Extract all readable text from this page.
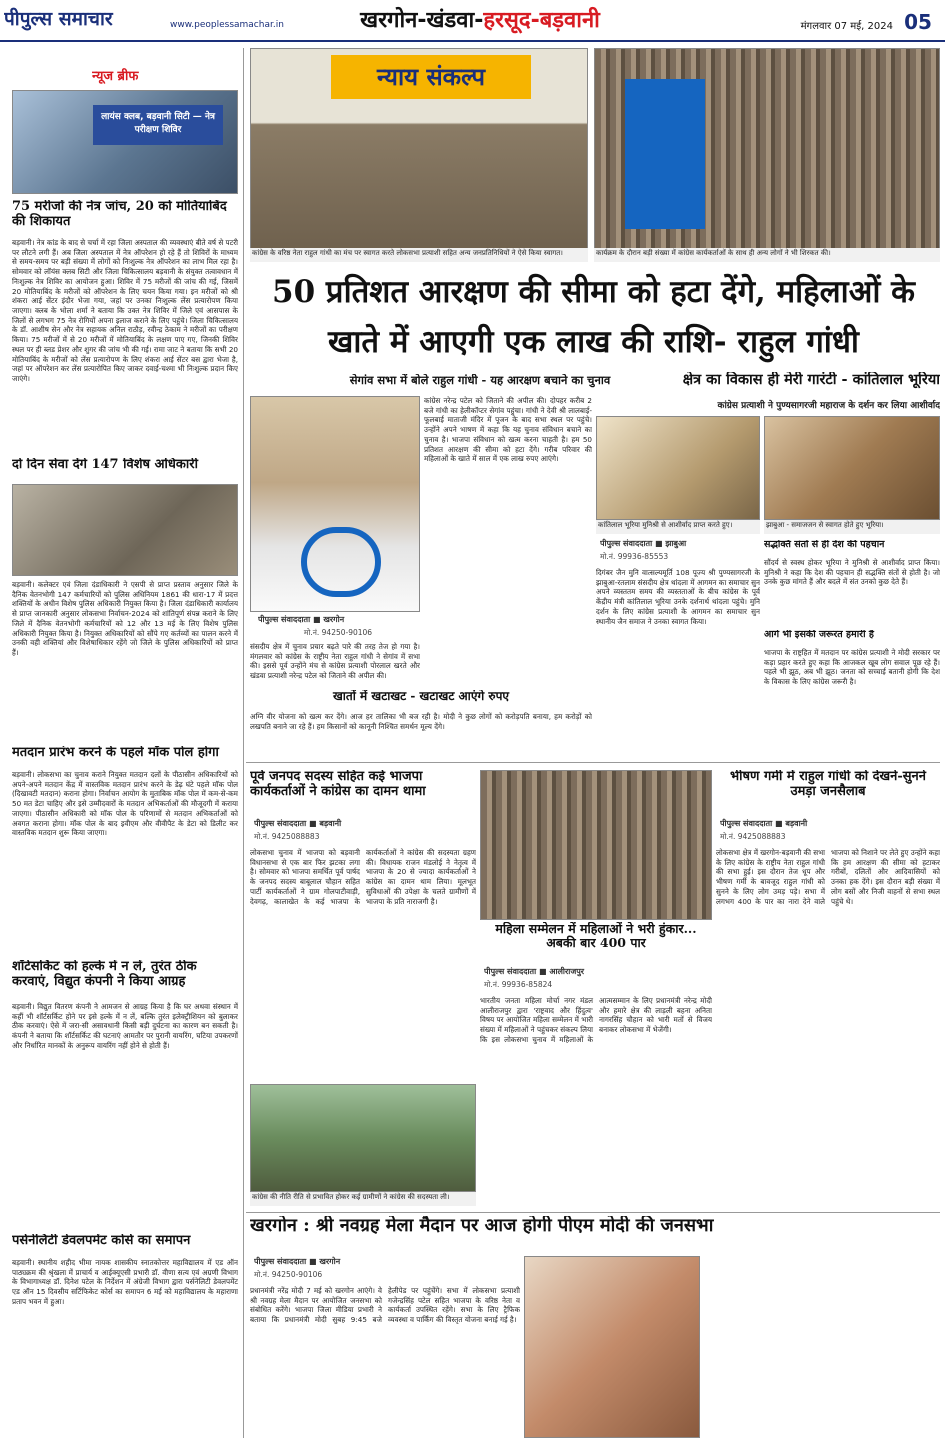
पीपुल्स समाचार	www.peoplessamachar.in	खरगोन-खंडवा-हरसूद-बड़वानी	मंगलवार 07 मई, 2024 05
न्यूज ब्रीफ
लायंस क्लब, बड़वानी सिटी — नेत्र परीक्षण शिविर
75 मरीजों की नेत्र जांच, 20 को मोतियाबिंद की शिकायत
बड़वानी। नेत्र कांड के बाद से चर्चा में रहा जिला अस्पताल की व्यवस्थाएं बीते वर्ष से पटरी पर लौटने लगी हैं। अब जिला अस्पताल में नेत्र ऑपरेशन हो रहे हैं तो शिविरों के माध्यम से समय-समय पर बड़ी संख्या में लोगों को निःशुल्क नेत्र ऑपरेशन का लाभ मिल रहा है। सोमवार को लॉयंस क्लब सिटी और जिला चिकित्सालय बड़वानी के संयुक्त तत्वावधान में निःशुल्क नेत्र शिविर का आयोजन हुआ। शिविर में 75 मरीजों की जांच की गई, जिसमें 20 मोतियाबिंद के मरीजों को ऑपरेशन के लिए चयन किया गया। इन मरीजों को श्री शंकरा आई सेंटर इंदौर भेजा गया, जहां पर उनका निःशुल्क लेंस प्रत्यारोपण किया जाएगा। क्लब के भोला शर्मा ने बताया कि उक्त नेत्र शिविर में जिले एवं आसपास के जिलों से लगभग 75 नेत्र रोगियों अपना इलाज कराने के लिए पहुंचे। जिला चिकित्सालय के डॉ. आशीष सेन और नेत्र सहायक अनिल राठौड़, रवीन्द्र ठेकाम ने मरीजों का परीक्षण किया। 75 मरीजों में से 20 मरीजों में मोतियाबिंद के लक्षण पाए गए, जिनकी शिविर स्थल पर ही ब्लड प्रेशर और शुगर की जांच भी की गई। रामा जाट ने बताया कि सभी 20 मोतियाबिंद के मरीजों को लेंस प्रत्यारोपण के लिए शंकरा आई सेंटर बस द्वारा भेजा है, जहां पर ऑपरेशन कर लेंस प्रत्यारोपित किए जाकर दवाई-चश्मा भी निःशुल्क प्रदान किए जाएंगे।
दो दिन सेवा देंगे 147 विशेष अधिकारी
बड़वानी। कलेक्टर एवं जिला दंडाधिकारी ने एसपी से प्राप्त प्रस्ताव अनुसार जिले के दैनिक वेतनभोगी 147 कर्मचारियों को पुलिस अधिनियम 1861 की धारा-17 में प्रदत्त शक्तियों के अधीन विशेष पुलिस अधिकारी नियुक्त किया है। जिला दंडाधिकारी कार्यालय से प्राप्त जानकारी अनुसार लोकसभा निर्वाचन-2024 को शांतिपूर्ण संपन्न कराने के लिए जिले में दैनिक वेतनभोगी कर्मचारियों को 12 और 13 मई के लिए विशेष पुलिस अधिकारी नियुक्त किया है। नियुक्त अधिकारियों को सौंपे गए कर्तव्यों का पालन करने में उनकी वही शक्तियां और विशेषाधिकार रहेंगे जो जिले के पुलिस अधिकारियों को प्राप्त हैं।
मतदान प्रारंभ करने के पहले मॉक पोल होगा
बड़वानी। लोकसभा का चुनाव कराने नियुक्त मतदान दलों के पीठासीन अधिकारियों को अपने-अपने मतदान केंद्र में वास्तविक मतदान प्रारंभ करने के डेढ़ घंटे पहले मॉक पोल (दिखावटी मतदान) कराना होगा। निर्वाचन आयोग के मुताबिक मॉक पोल में कम-से-कम 50 मत डेटा चाहिए और इसे उम्मीदवारों के मतदान अभिकर्ताओं की मौजूदगी में कराया जाएगा। पीठासीन अधिकारी को मॉक पोल के परिणामों से मतदान अभिकर्ताओं को अवगत कराना होगा। मॉक पोल के बाद इवीएम और वीवीपैट के डेटा को डिलीट कर वास्तविक मतदान शुरू किया जाएगा।
शॉर्टसर्किट को हल्के में न लें, तुरंत ठीक करवाएं, विद्युत कंपनी ने किया आग्रह
बड़वानी। विद्युत वितरण कंपनी ने आमजन से आग्रह किया है कि घर अथवा संस्थान में कहीं भी शॉर्टसर्किट होने पर इसे हल्के में न लें, बल्कि तुरंत इलेक्ट्रीशियन को बुलाकर ठीक करवाएं। ऐसे में जरा-सी असावधानी किसी बड़ी दुर्घटना का कारण बन सकती है। कंपनी ने बताया कि शॉर्टसर्किट की घटनाएं आमतौर पर पुरानी वायरिंग, घटिया उपकरणों और निर्धारित मानकों के अनुरूप वायरिंग नहीं होने से होती हैं।
पर्सनेलिटी डेवलपमेंट कोर्स का समापन
बड़वानी। स्थानीय शहीद भीमा नायक शासकीय स्नातकोत्तर महाविद्यालय में एड ऑन पाठ्यक्रम की श्रृंखला में प्राचार्य व आईक्यूएसी प्रभारी डॉ. वीणा सत्य एवं अग्रणी विभाग के विभागाध्यक्ष डॉ. दिनेश पटेल के निर्देशन में अंग्रेजी विभाग द्वारा पर्सनेलिटी डेवलपमेंट एड ऑन 15 दिवसीय सर्टिफिकेट कोर्स का समापन 6 मई को महाविद्यालय के महाराणा प्रताप भवन में हुआ।
न्याय संकल्प
कांग्रेस के वरिष्ठ नेता राहुल गांधी का मंच पर स्वागत करते लोकसभा प्रत्याशी सहित अन्य जनप्रतिनिधियों ने ऐसे किया स्वागत।	कार्यक्रम के दौरान बड़ी संख्या में कांग्रेस कार्यकर्ताओं के साथ ही अन्य लोगों ने भी शिरकत की।
50 प्रतिशत आरक्षण की सीमा को हटा देंगे, महिलाओं के खाते में आएगी एक लाख की राशि- राहुल गांधी
सेगांव सभा में बोले राहुल गांधी - यह आरक्षण बचाने का चुनाव
पीपुल्स संवाददाता ■ खरगोन
मो.नं. 94250-90106
संसदीय क्षेत्र में चुनाव प्रचार बढ़ते पारे की तरह तेज हो गया है। मंगलवार को कांग्रेस के राष्ट्रीय नेता राहुल गांधी ने सेगांव में सभा की। इससे पूर्व उन्होंने मंच से कांग्रेस प्रत्याशी पोरलाल खरते और खंडवा प्रत्याशी नरेन्द्र पटेल को जिताने की अपील की।
कांग्रेस नरेन्द्र पटेल को जिताने की अपील की। दोपहर करीब 2 बजे गांधी का हेलीकॉप्टर सेगांव पहुंचा। गांधी ने देवी श्री लालबाई-फूलबाई माताजी मंदिर में पूजन के बाद सभा स्थल पर पहुंचे। उन्होंने अपने भाषण में कहा कि यह चुनाव संविधान बचाने का चुनाव है। भाजपा संविधान को खत्म करना चाहती है। हम 50 प्रतिशत आरक्षण की सीमा को हटा देंगे। गरीब परिवार की महिलाओं के खाते में साल में एक लाख रुपए आएंगे।
खातों में खटाखट - खटाखट आएंगे रुपए
अग्नि वीर योजना को खत्म कर देंगे। आज हर तालिका भी बज रही है। मोदी ने कुछ लोगों को करोड़पति बनाया, हम करोड़ों को लखपति बनाने जा रहे हैं। हम किसानों को कानूनी निश्चित समर्थन मूल्य देंगे।
क्षेत्र का विकास ही मेरी गारंटी - कांतिलाल भूरिया
कांग्रेस प्रत्याशी ने पुण्यसागरजी महाराज के दर्शन कर लिया आशीर्वाद
कांतिलाल भूरिया मुनिश्री से आशीर्वाद प्राप्त करते हुए।	झाबुआ - समाजजन से स्वागत होते हुए भूरिया।
पीपुल्स संवाददाता ■ झाबुआ
मो.नं. 99936-85553
सद्भक्ति संतों से ही देश की पहचान
दिगंबर जैन मुनि वात्सल्यमूर्ति 108 पूज्य श्री पुण्यसागरजी के झाबुआ-रतलाम संसदीय क्षेत्र थांदला में आगमन का समाचार सुन अपने व्यस्ततम समय की व्यस्तताओं के बीच कांग्रेस के पूर्व केंद्रीय मंत्री कांतिलाल भूरिया उनके दर्शनार्थ थांदला पहुंचे। मुनि दर्शन के लिए कांग्रेस प्रत्याशी के आगमन का समाचार सुन स्थानीय जैन समाज ने उनका स्वागत किया।
सौंदर्य से स्वस्थ होकर भूरिया ने मुनिश्री से आशीर्वाद प्राप्त किया। मुनिश्री ने कहा कि देश की पहचान ही सद्भक्ति संतों से होती है। जो उनके कुछ मांगते हैं और बदले में संत उनको कुछ देते हैं।
आगे भी इसकी जरूरत हमारी है
भाजपा के राष्ट्रहित में मतदान पर कांग्रेस प्रत्याशी ने मोदी सरकार पर कड़ा प्रहार करते हुए कहा कि आजकल खूब लोग सवाल पूछ रहे हैं। पहले भी झूठ, अब भी झूठ। जनता को सच्चाई बतानी होगी कि देश के विकास के लिए कांग्रेस जरूरी है।
पूर्व जनपद सदस्य सहित कई भाजपा कार्यकर्ताओं ने कांग्रेस का दामन थामा
पीपुल्स संवाददाता ■ बड़वानी
मो.नं. 9425088883
लोकसभा चुनाव में भाजपा को बड़वानी विधानसभा से एक बार फिर झटका लगा है। सोमवार को भाजपा समर्थित पूर्व पार्षद के जनपद सदस्य बाबूलाल चौहान सहित पार्टी कार्यकर्ताओं ने ग्राम गोलपाटीवाड़ी, देवगढ़, कालाखेत के कई भाजपा के कार्यकर्ताओं ने कांग्रेस की सदस्यता ग्रहण की। विधायक राजन मंडलोई ने नेतृत्व में भाजपा के 20 से ज्यादा कार्यकर्ताओं ने कांग्रेस का दामन थाम लिया। मूलभूत सुविधाओं की उपेक्षा के चलते ग्रामीणों में भाजपा के प्रति नाराजगी है।
कांग्रेस की नीति रीति से प्रभावित होकर कई ग्रामीणों ने कांग्रेस की सदस्यता ली।
महिला सम्मेलन में महिलाओं ने भरी हुंकार... अबकी बार 400 पार
पीपुल्स संवाददाता ■ आलीराजपुर
मो.नं. 99936-85824
भारतीय जनता महिला मोर्चा नगर मंडल आलीराजपुर द्वारा 'राष्ट्रवाद और हिंदुत्व' विषय पर आयोजित महिला सम्मेलन में भारी संख्या में महिलाओं ने पहुंचकर संकल्प लिया कि इस लोकसभा चुनाव में महिलाओं के आत्मसम्मान के लिए प्रधानमंत्री नरेन्द्र मोदी और हमारे क्षेत्र की लाड़ली बहना अनिता नागरसिंह चौहान को भारी मतों से विजय बनाकर लोकसभा में भेजेंगी।
भीषण गर्मी में राहुल गांधी को देखने-सुनने उमड़ा जनसैलाब
पीपुल्स संवाददाता ■ बड़वानी
मो.नं. 9425088883
लोकसभा क्षेत्र में खरगोन-बड़वानी की सभा के लिए कांग्रेस के राष्ट्रीय नेता राहुल गांधी की सभा हुई। इस दौरान तेज धूप और भीषण गर्मी के बावजूद राहुल गांधी को सुनने के लिए लोग उमड़ पड़े। सभा में लगभग 400 के पार का नारा देने वाले भाजपा को निशाने पर लेते हुए उन्होंने कहा कि हम आरक्षण की सीमा को हटाकर गरीबों, दलितों और आदिवासियों को उनका हक देंगे। इस दौरान बड़ी संख्या में लोग बसों और निजी वाहनों से सभा स्थल पहुंचे थे।
खरगोन : श्री नवग्रह मेला मैदान पर आज होगी पीएम मोदी की जनसभा
पीपुल्स संवाददाता ■ खरगोन
मो.नं. 94250-90106
प्रधानमंत्री नरेंद्र मोदी 7 मई को खरगोन आएंगे। वे श्री नवग्रह मेला मैदान पर आयोजित जनसभा को संबोधित करेंगे। भाजपा जिला मीडिया प्रभारी ने बताया कि प्रधानमंत्री मोदी सुबह 9:45 बजे हेलीपेड पर पहुंचेंगे। सभा में लोकसभा प्रत्याशी गजेन्द्रसिंह पटेल सहित भाजपा के वरिष्ठ नेता व कार्यकर्ता उपस्थित रहेंगे। सभा के लिए ट्रैफिक व्यवस्था व पार्किंग की विस्तृत योजना बनाई गई है।
